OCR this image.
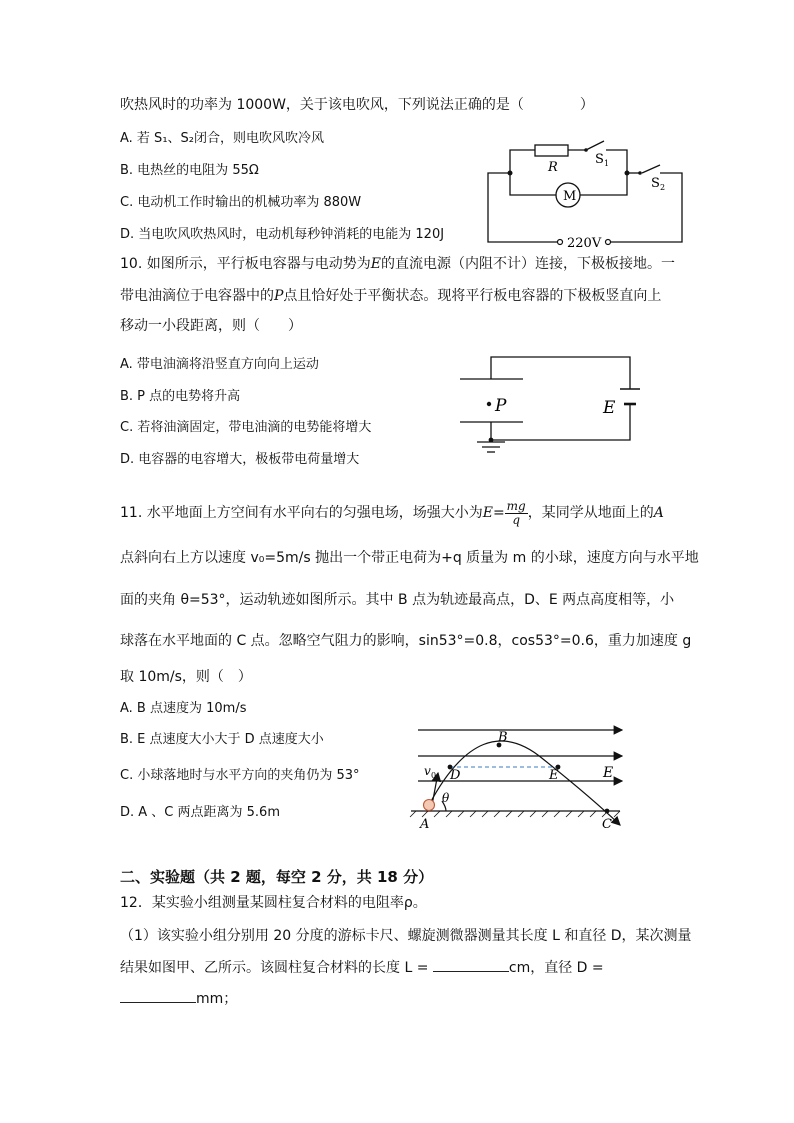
吹热风时的功率为 1000W，关于该电吹风，下列说法正确的是（　　　　）
A. 若 S₁、S₂闭合，则电吹风吹冷风
B. 电热丝的电阻为 55Ω
C. 电动机工作时输出的机械功率为 880W
D. 当电吹风吹热风时，电动机每秒钟消耗的电能为 120J
R
S 1
M
S 2
220V
10. 如图所示，平行板电容器与电动势为E的直流电源（内阻不计）连接，下极板接地。一
带电油滴位于电容器中的P点且恰好处于平衡状态。现将平行板电容器的下极板竖直向上
移动一小段距离，则（　　）
A. 带电油滴将沿竖直方向向上运动
B. P 点的电势将升高
C. 若将油滴固定，带电油滴的电势能将增大
D. 电容器的电容增大，极板带电荷量增大
P	E
11. 水平地面上方空间有水平向右的匀强电场，场强大小为$E= \frac{mg}{q}$ ，某同学从地面上的A
点斜向右上方以速度 v₀=5m/s 抛出一个带正电荷为+q 质量为 m 的小球，速度方向与水平地
面的夹角 θ=53°，运动轨迹如图所示。其中 B 点为轨迹最高点，D、E 两点高度相等，小
球落在水平地面的 C 点。忽略空气阻力的影响，sin53°=0.8，cos53°=0.6，重力加速度 g
取 10m/s，则（　）
A. B 点速度为 10m/s
B. E 点速度大小大于 D 点速度大小
C. 小球落地时与水平方向的夹角仍为 53°
D. A 、C 两点距离为 5.6m
B
v 0 D	E	E
θ
A	C
二、实验题（共 2 题，每空 2 分，共 18 分）
12．某实验小组测量某圆柱复合材料的电阻率ρ。
（1）该实验小组分别用 20 分度的游标卡尺、螺旋测微器测量其长度 L 和直径 D，某次测量
结果如图甲、乙所示。该圆柱复合材料的长度 L =	cm，直径 D =
mm；
